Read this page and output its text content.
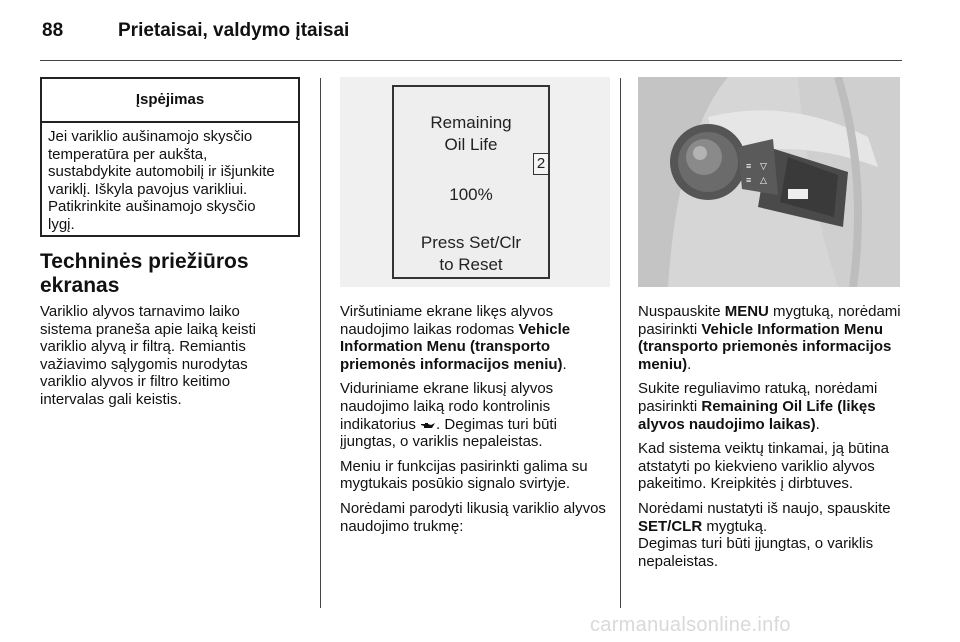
88	Prietaisai, valdymo įtaisai
Įspėjimas
Jei variklio aušinamojo skysčio
temperatūra per aukšta,
sustabdykite automobilį ir išjunkite
variklį. Iškyla pavojus varikliui.
Patikrinkite aušinamojo skysčio
lygį.
Techninės priežiūros
ekranas
Variklio alyvos tarnavimo laiko
sistema praneša apie laiką keisti
variklio alyvą ir filtrą. Remiantis
važiavimo sąlygomis nurodytas
variklio alyvos ir filtro keitimo
intervalas gali keistis.
Remaining
Oil Life
100%
Press Set/Clr
to Reset
2	≡ ▽
≡ △

Viršutiniame ekrane likęs alyvos naudojimo laikas rodomas Vehicle Information Menu (transporto priemonės informacijos meniu).

Viduriniame ekrane likusį alyvos naudojimo laiką rodo kontrolinis indikatorius . Degimas turi būti įjungtas, o variklis nepaleistas.

Meniu ir funkcijas pasirinkti galima su mygtukais posūkio signalo svirtyje.

Norėdami parodyti likusią variklio alyvos naudojimo trukmę:

Nuspauskite MENU mygtuką, norėdami pasirinkti Vehicle Information Menu (transporto priemonės informacijos meniu).

Sukite reguliavimo ratuką, norėdami pasirinkti Remaining Oil Life (likęs alyvos naudojimo laikas).

Kad sistema veiktų tinkamai, ją būtina atstatyti po kiekvieno variklio alyvos pakeitimo. Kreipkitės į dirbtuves.

Norėdami nustatyti iš naujo, spauskite SET/CLR mygtuką.

Degimas turi būti įjungtas, o variklis nepaleistas.

carmanualsonline.info
